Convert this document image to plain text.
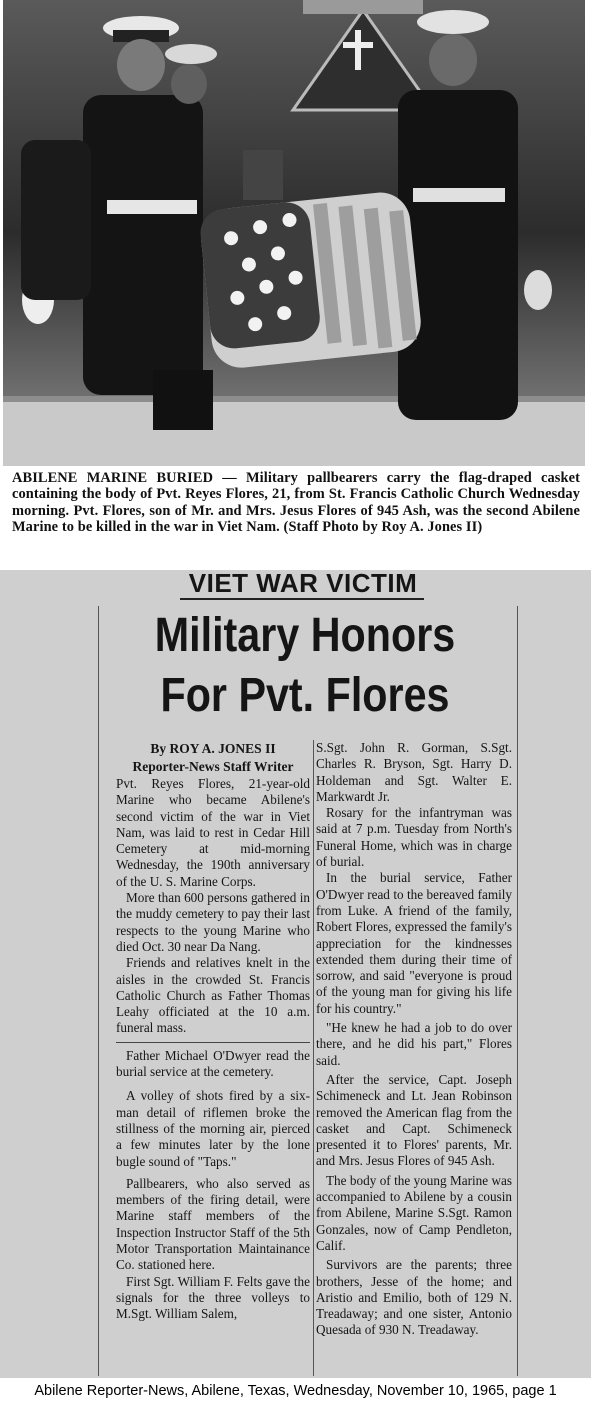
ABILENE MARINE BURIED — Military pallbearers carry the flag-draped casket containing the body of Pvt. Reyes Flores, 21, from St. Francis Catholic Church Wednesday morning. Pvt. Flores, son of Mr. and Mrs. Jesus Flores of 945 Ash, was the second Abilene Marine to be killed in the war in Viet Nam. (Staff Photo by Roy A. Jones II)
VIET WAR VICTIM
Military Honors
For Pvt. Flores

By ROY A. JONES II

Reporter-News Staff Writer

Pvt. Reyes Flores, 21-year-old Marine who became Abilene's second victim of the war in Viet Nam, was laid to rest in Cedar Hill Cemetery at mid-morning Wednesday, the 190th anniversary of the U. S. Marine Corps.

More than 600 persons gathered in the muddy cemetery to pay their last respects to the young Marine who died Oct. 30 near Da Nang.

Friends and relatives knelt in the aisles in the crowded St. Francis Catholic Church as Father Thomas Leahy officiated at the 10 a.m. funeral mass.

Father Michael O'Dwyer read the burial service at the cemetery.

A volley of shots fired by a six-man detail of riflemen broke the stillness of the morning air, pierced a few minutes later by the lone bugle sound of "Taps."

Pallbearers, who also served as members of the firing detail, were Marine staff members of the Inspection Instructor Staff of the 5th Motor Transportation Maintainance Co. stationed here.

First Sgt. William F. Felts gave the signals for the three volleys to M.Sgt. William Salem,

S.Sgt. John R. Gorman, S.Sgt. Charles R. Bryson, Sgt. Harry D. Holdeman and Sgt. Walter E. Markwardt Jr.

Rosary for the infantryman was said at 7 p.m. Tuesday from North's Funeral Home, which was in charge of burial.

In the burial service, Father O'Dwyer read to the bereaved family from Luke. A friend of the family, Robert Flores, expressed the family's appreciation for the kindnesses extended them during their time of sorrow, and said "everyone is proud of the young man for giving his life for his country."

"He knew he had a job to do over there, and he did his part," Flores said.

After the service, Capt. Joseph Schimeneck and Lt. Jean Robinson removed the American flag from the casket and Capt. Schimeneck presented it to Flores' parents, Mr. and Mrs. Jesus Flores of 945 Ash.

The body of the young Marine was accompanied to Abilene by a cousin from Abilene, Marine S.Sgt. Ramon Gonzales, now of Camp Pendleton, Calif.

Survivors are the parents; three brothers, Jesse of the home; and Aristio and Emilio, both of 129 N. Treadaway; and one sister, Antonio Quesada of 930 N. Treadaway.

Abilene Reporter-News, Abilene, Texas, Wednesday, November 10, 1965, page 1
